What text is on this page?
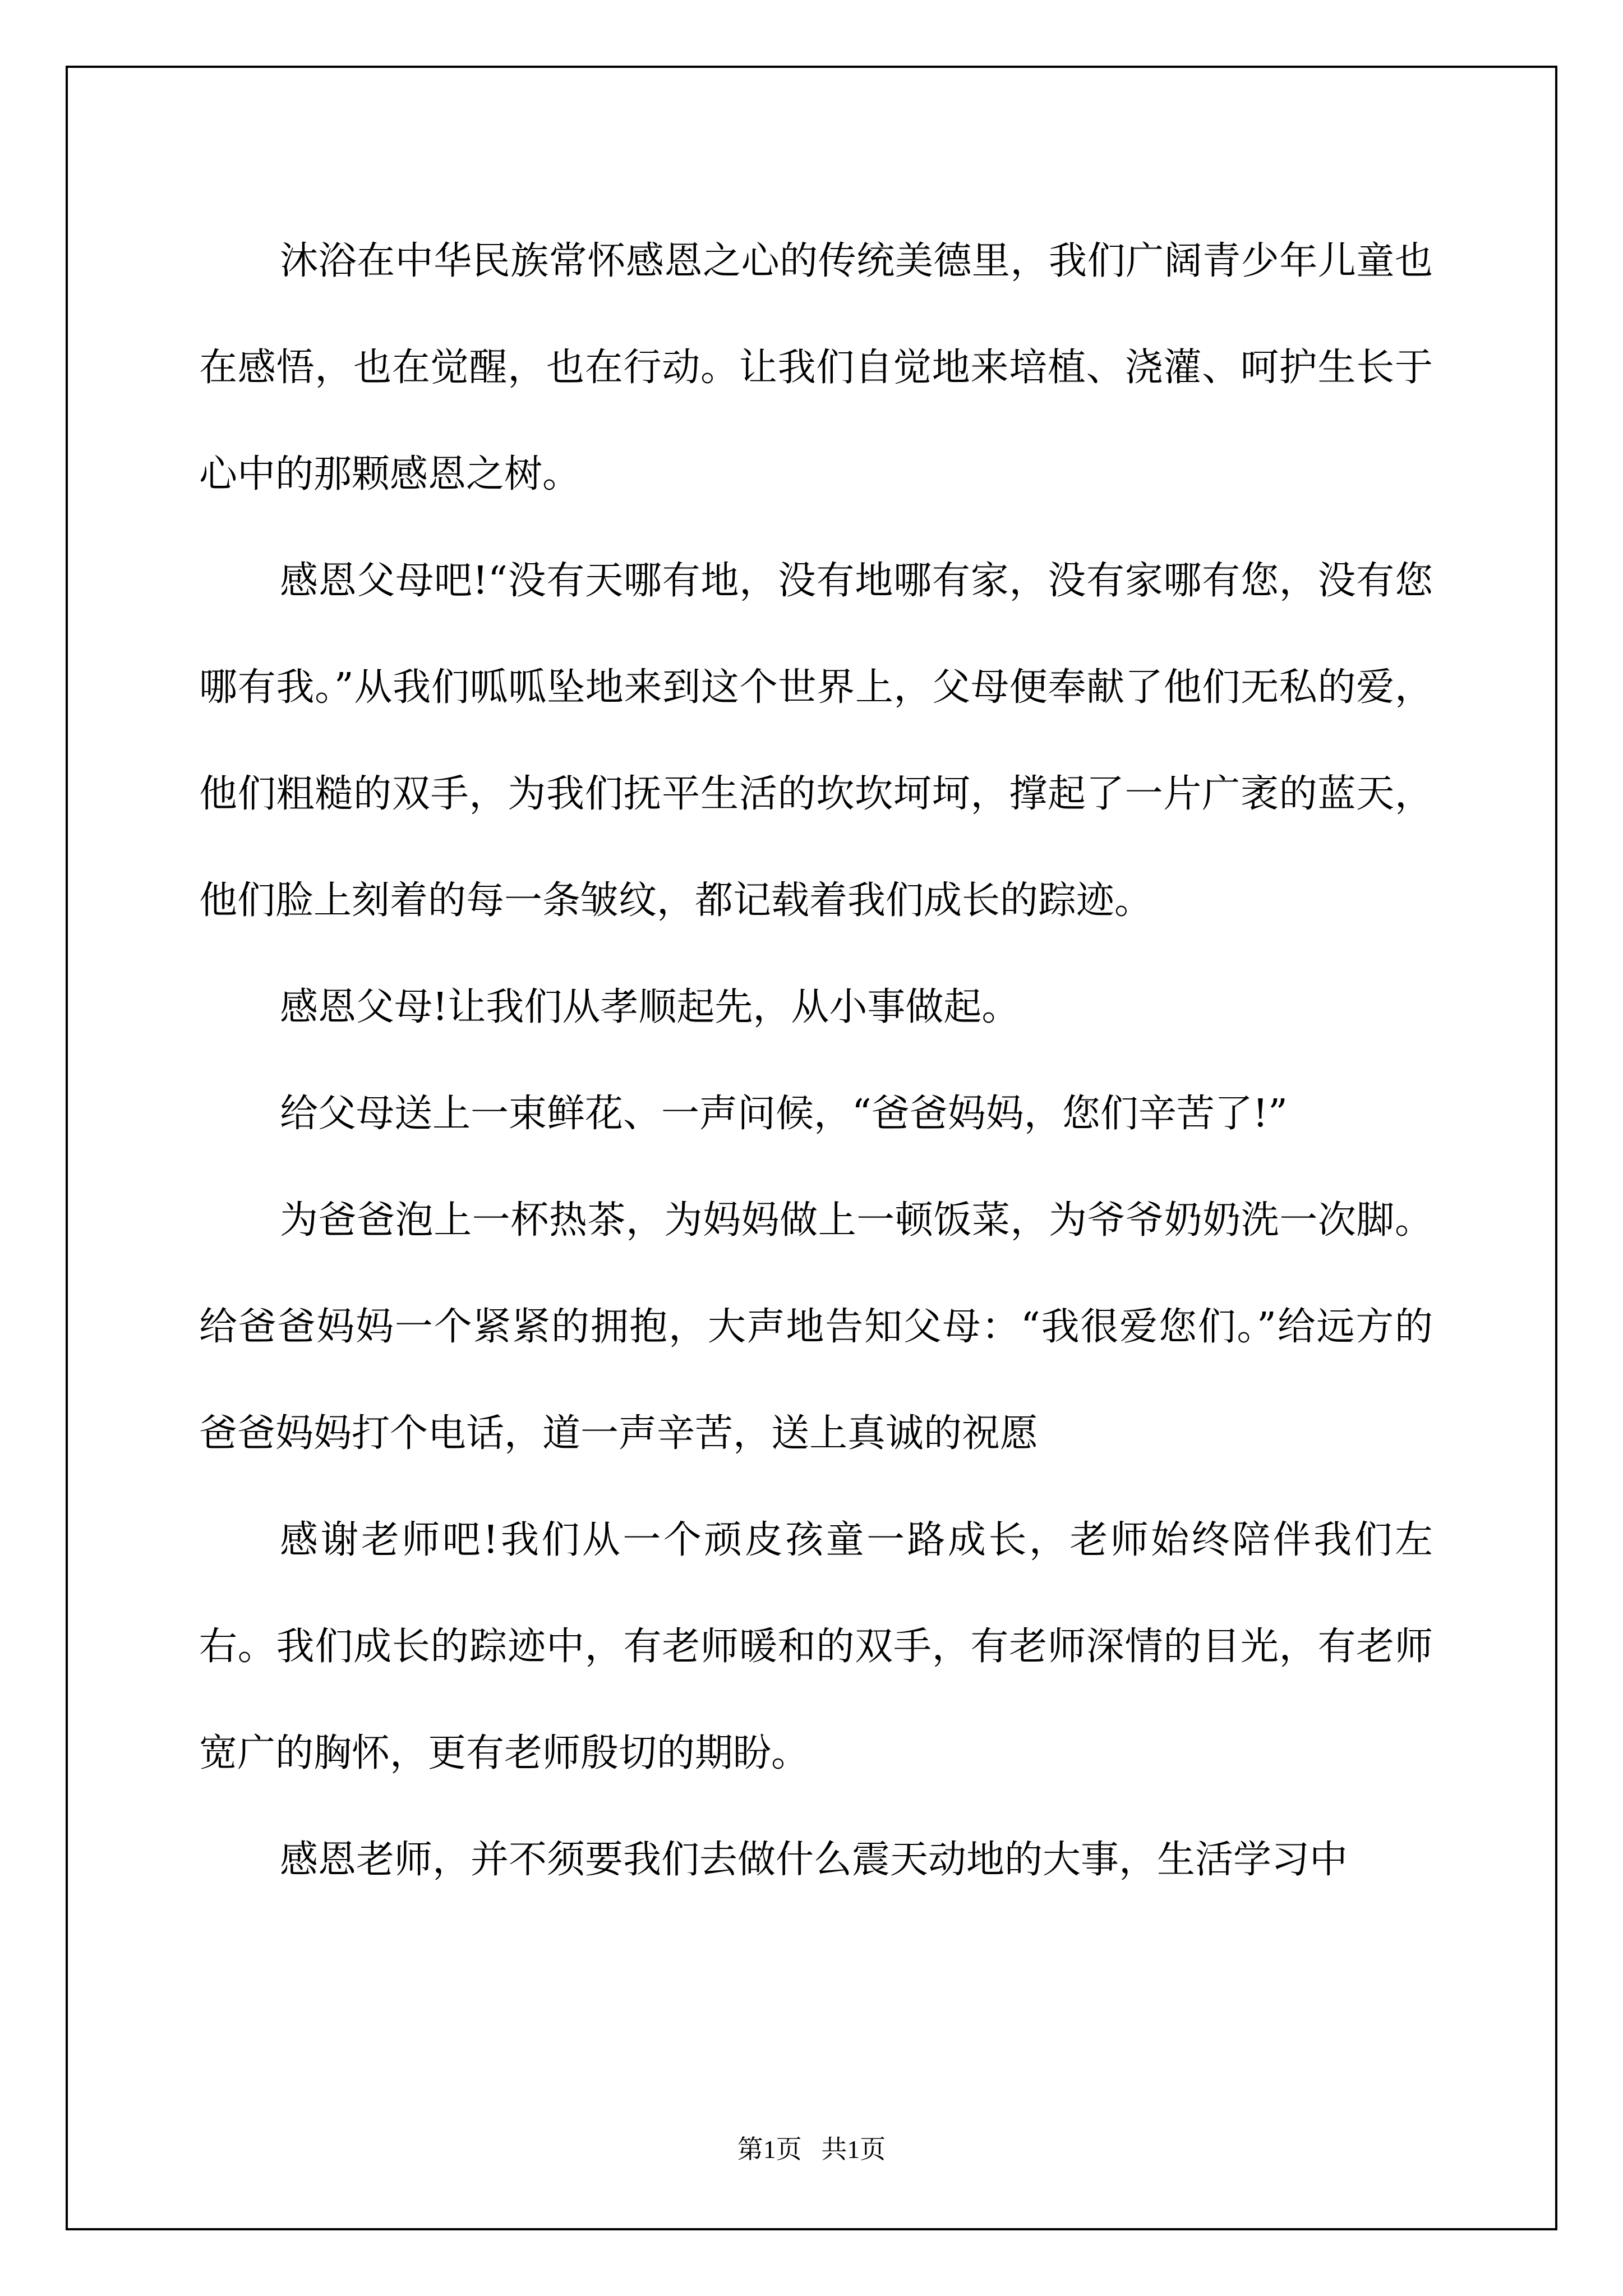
沐浴在中华民族常怀感恩之心的传统美德里，我们广阔青少年儿童也在感悟，也在觉醒，也在行动。让我们自觉地来培植、浇灌、呵护生长于心中的那颗感恩之树。

感恩父母吧!“没有天哪有地，没有地哪有家，没有家哪有您，没有您哪有我。”从我们呱呱坠地来到这个世界上，父母便奉献了他们无私的爱，他们粗糙的双手，为我们抚平生活的坎坎坷坷，撑起了一片广袤的蓝天，他们脸上刻着的每一条皱纹，都记载着我们成长的踪迹。

感恩父母!让我们从孝顺起先，从小事做起。

给父母送上一束鲜花、一声问候，“爸爸妈妈，您们辛苦了!”

为爸爸泡上一杯热茶，为妈妈做上一顿饭菜，为爷爷奶奶洗一次脚。 给爸爸妈妈一个紧紧的拥抱，大声地告知父母：“我很爱您们。”给远方的爸爸妈妈打个电话，道一声辛苦，送上真诚的祝愿

感谢老师吧!我们从一个顽皮孩童一路成长，老师始终陪伴我们左右。我们成长的踪迹中，有老师暖和的双手，有老师深情的目光，有老师宽广的胸怀，更有老师殷切的期盼。

感恩老师，并不须要我们去做什么震天动地的大事，生活学习中

第1页   共1页
